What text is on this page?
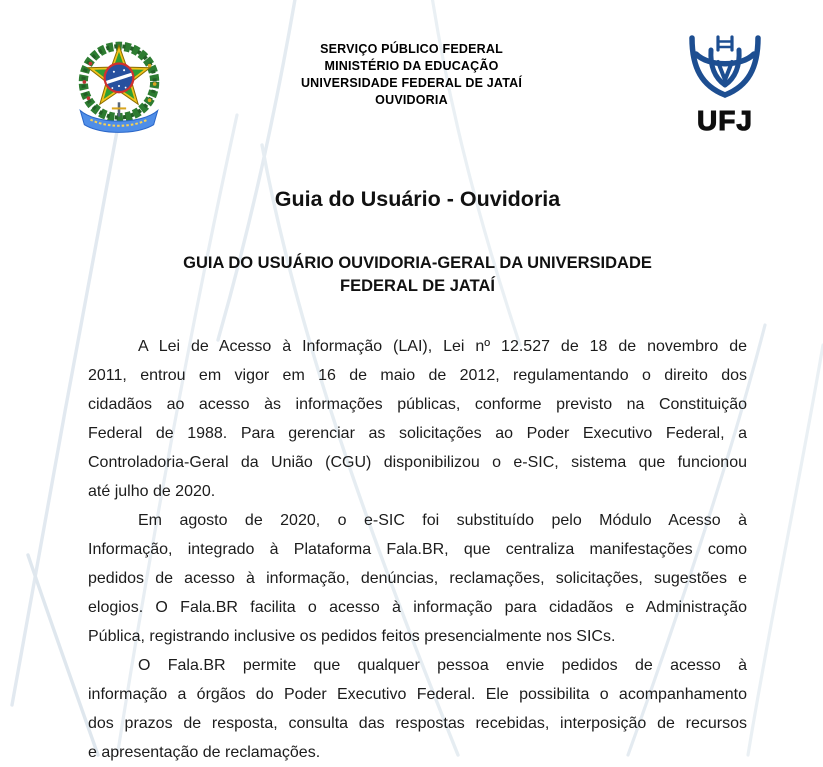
SERVIÇO PÚBLICO FEDERAL
MINISTÉRIO DA EDUCAÇÃO
UNIVERSIDADE FEDERAL DE JATAÍ
OUVIDORIA
UFJ
Guia do Usuário - Ouvidoria
GUIA DO USUÁRIO OUVIDORIA-GERAL DA UNIVERSIDADE
FEDERAL DE JATAÍ
A Lei de Acesso à Informação (LAI), Lei nº 12.527 de 18 de novembro de
2011, entrou em vigor em 16 de maio de 2012, regulamentando o direito dos
cidadãos ao acesso às informações públicas, conforme previsto na Constituição
Federal de 1988. Para gerenciar as solicitações ao Poder Executivo Federal, a
Controladoria-Geral da União (CGU) disponibilizou o e-SIC, sistema que funcionou
até julho de 2020.
Em agosto de 2020, o e-SIC foi substituído pelo Módulo Acesso à
Informação, integrado à Plataforma Fala.BR, que centraliza manifestações como
pedidos de acesso à informação, denúncias, reclamações, solicitações, sugestões e
elogios. O Fala.BR facilita o acesso à informação para cidadãos e Administração
Pública, registrando inclusive os pedidos feitos presencialmente nos SICs.
O Fala.BR permite que qualquer pessoa envie pedidos de acesso à
informação a órgãos do Poder Executivo Federal. Ele possibilita o acompanhamento
dos prazos de resposta, consulta das respostas recebidas, interposição de recursos
e apresentação de reclamações.
